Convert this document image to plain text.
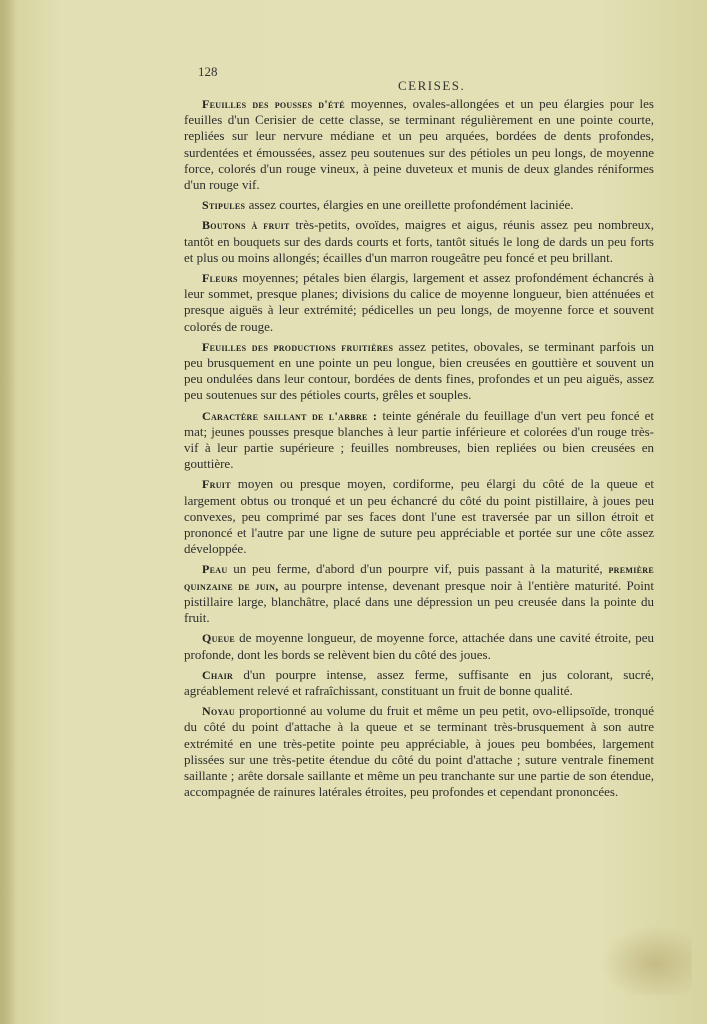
128
CERISES.

Feuilles des pousses d'été moyennes, ovales-allongées et un peu élargies pour les feuilles d'un Cerisier de cette classe, se terminant régulièrement en une pointe courte, repliées sur leur nervure médiane et un peu arquées, bordées de dents profondes, surdentées et émoussées, assez peu soutenues sur des pétioles un peu longs, de moyenne force, colorés d'un rouge vineux, à peine duveteux et munis de deux glandes réniformes d'un rouge vif.

Stipules assez courtes, élargies en une oreillette profondément laciniée.

Boutons à fruit très-petits, ovoïdes, maigres et aigus, réunis assez peu nombreux, tantôt en bouquets sur des dards courts et forts, tantôt situés le long de dards un peu forts et plus ou moins allongés; écailles d'un marron rougeâtre peu foncé et peu brillant.

Fleurs moyennes; pétales bien élargis, largement et assez profondément échancrés à leur sommet, presque planes; divisions du calice de moyenne longueur, bien atténuées et presque aiguës à leur extrémité; pédicelles un peu longs, de moyenne force et souvent colorés de rouge.

Feuilles des productions fruitières assez petites, obovales, se terminant parfois un peu brusquement en une pointe un peu longue, bien creusées en gouttière et souvent un peu ondulées dans leur contour, bordées de dents fines, profondes et un peu aiguës, assez peu soutenues sur des pétioles courts, grêles et souples.

Caractère saillant de l'arbre : teinte générale du feuillage d'un vert peu foncé et mat; jeunes pousses presque blanches à leur partie inférieure et colorées d'un rouge très-vif à leur partie supérieure ; feuilles nombreuses, bien repliées ou bien creusées en gouttière.

Fruit moyen ou presque moyen, cordiforme, peu élargi du côté de la queue et largement obtus ou tronqué et un peu échancré du côté du point pistillaire, à joues peu convexes, peu comprimé par ses faces dont l'une est traversée par un sillon étroit et prononcé et l'autre par une ligne de suture peu appréciable et portée sur une côte assez développée.

Peau un peu ferme, d'abord d'un pourpre vif, puis passant à la maturité, première quinzaine de juin, au pourpre intense, devenant presque noir à l'entière maturité. Point pistillaire large, blanchâtre, placé dans une dépression un peu creusée dans la pointe du fruit.

Queue de moyenne longueur, de moyenne force, attachée dans une cavité étroite, peu profonde, dont les bords se relèvent bien du côté des joues.

Chair d'un pourpre intense, assez ferme, suffisante en jus colorant, sucré, agréablement relevé et rafraîchissant, constituant un fruit de bonne qualité.

Noyau proportionné au volume du fruit et même un peu petit, ovo-ellipsoïde, tronqué du côté du point d'attache à la queue et se terminant très-brusquement à son autre extrémité en une très-petite pointe peu appréciable, à joues peu bombées, largement plissées sur une très-petite étendue du côté du point d'attache ; suture ventrale finement saillante ; arête dorsale saillante et même un peu tranchante sur une partie de son étendue, accompagnée de rainures latérales étroites, peu profondes et cependant prononcées.
